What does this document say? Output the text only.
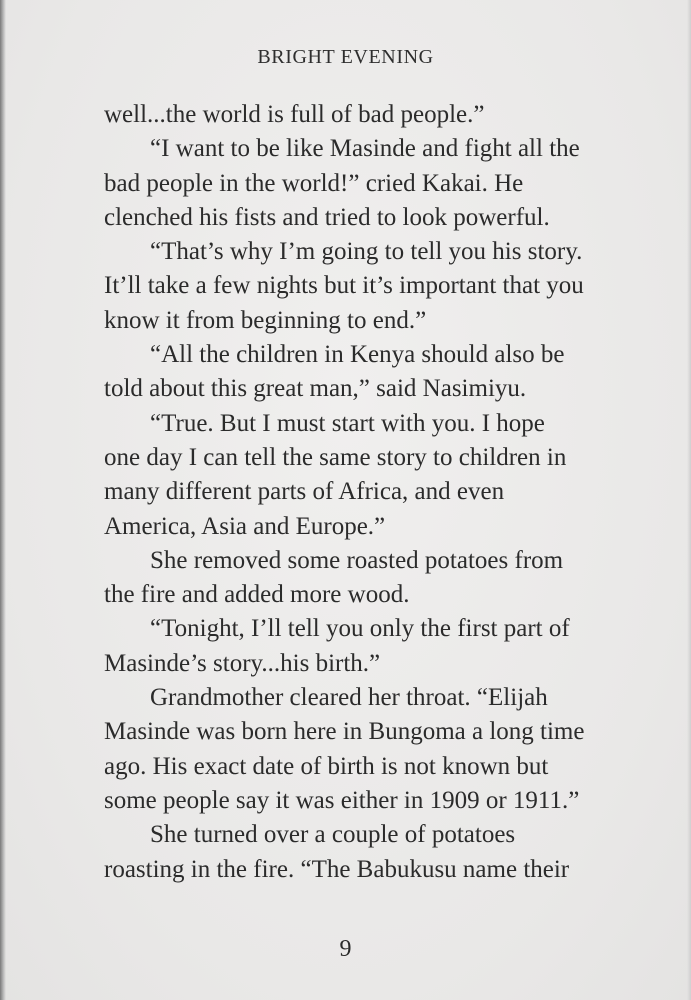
BRIGHT EVENING
well...the world is full of bad people.”
“I want to be like Masinde and fight all the
bad people in the world!” cried Kakai. He
clenched his fists and tried to look powerful.
“That’s why I’m going to tell you his story.
It’ll take a few nights but it’s important that you
know it from beginning to end.”
“All the children in Kenya should also be
told about this great man,” said Nasimiyu.
“True. But I must start with you. I hope
one day I can tell the same story to children in
many different parts of Africa, and even
America, Asia and Europe.”
She removed some roasted potatoes from
the fire and added more wood.
“Tonight, I’ll tell you only the first part of
Masinde’s story...his birth.”
Grandmother cleared her throat. “Elijah
Masinde was born here in Bungoma a long time
ago. His exact date of birth is not known but
some people say it was either in 1909 or 1911.”
She turned over a couple of potatoes
roasting in the fire. “The Babukusu name their
9
